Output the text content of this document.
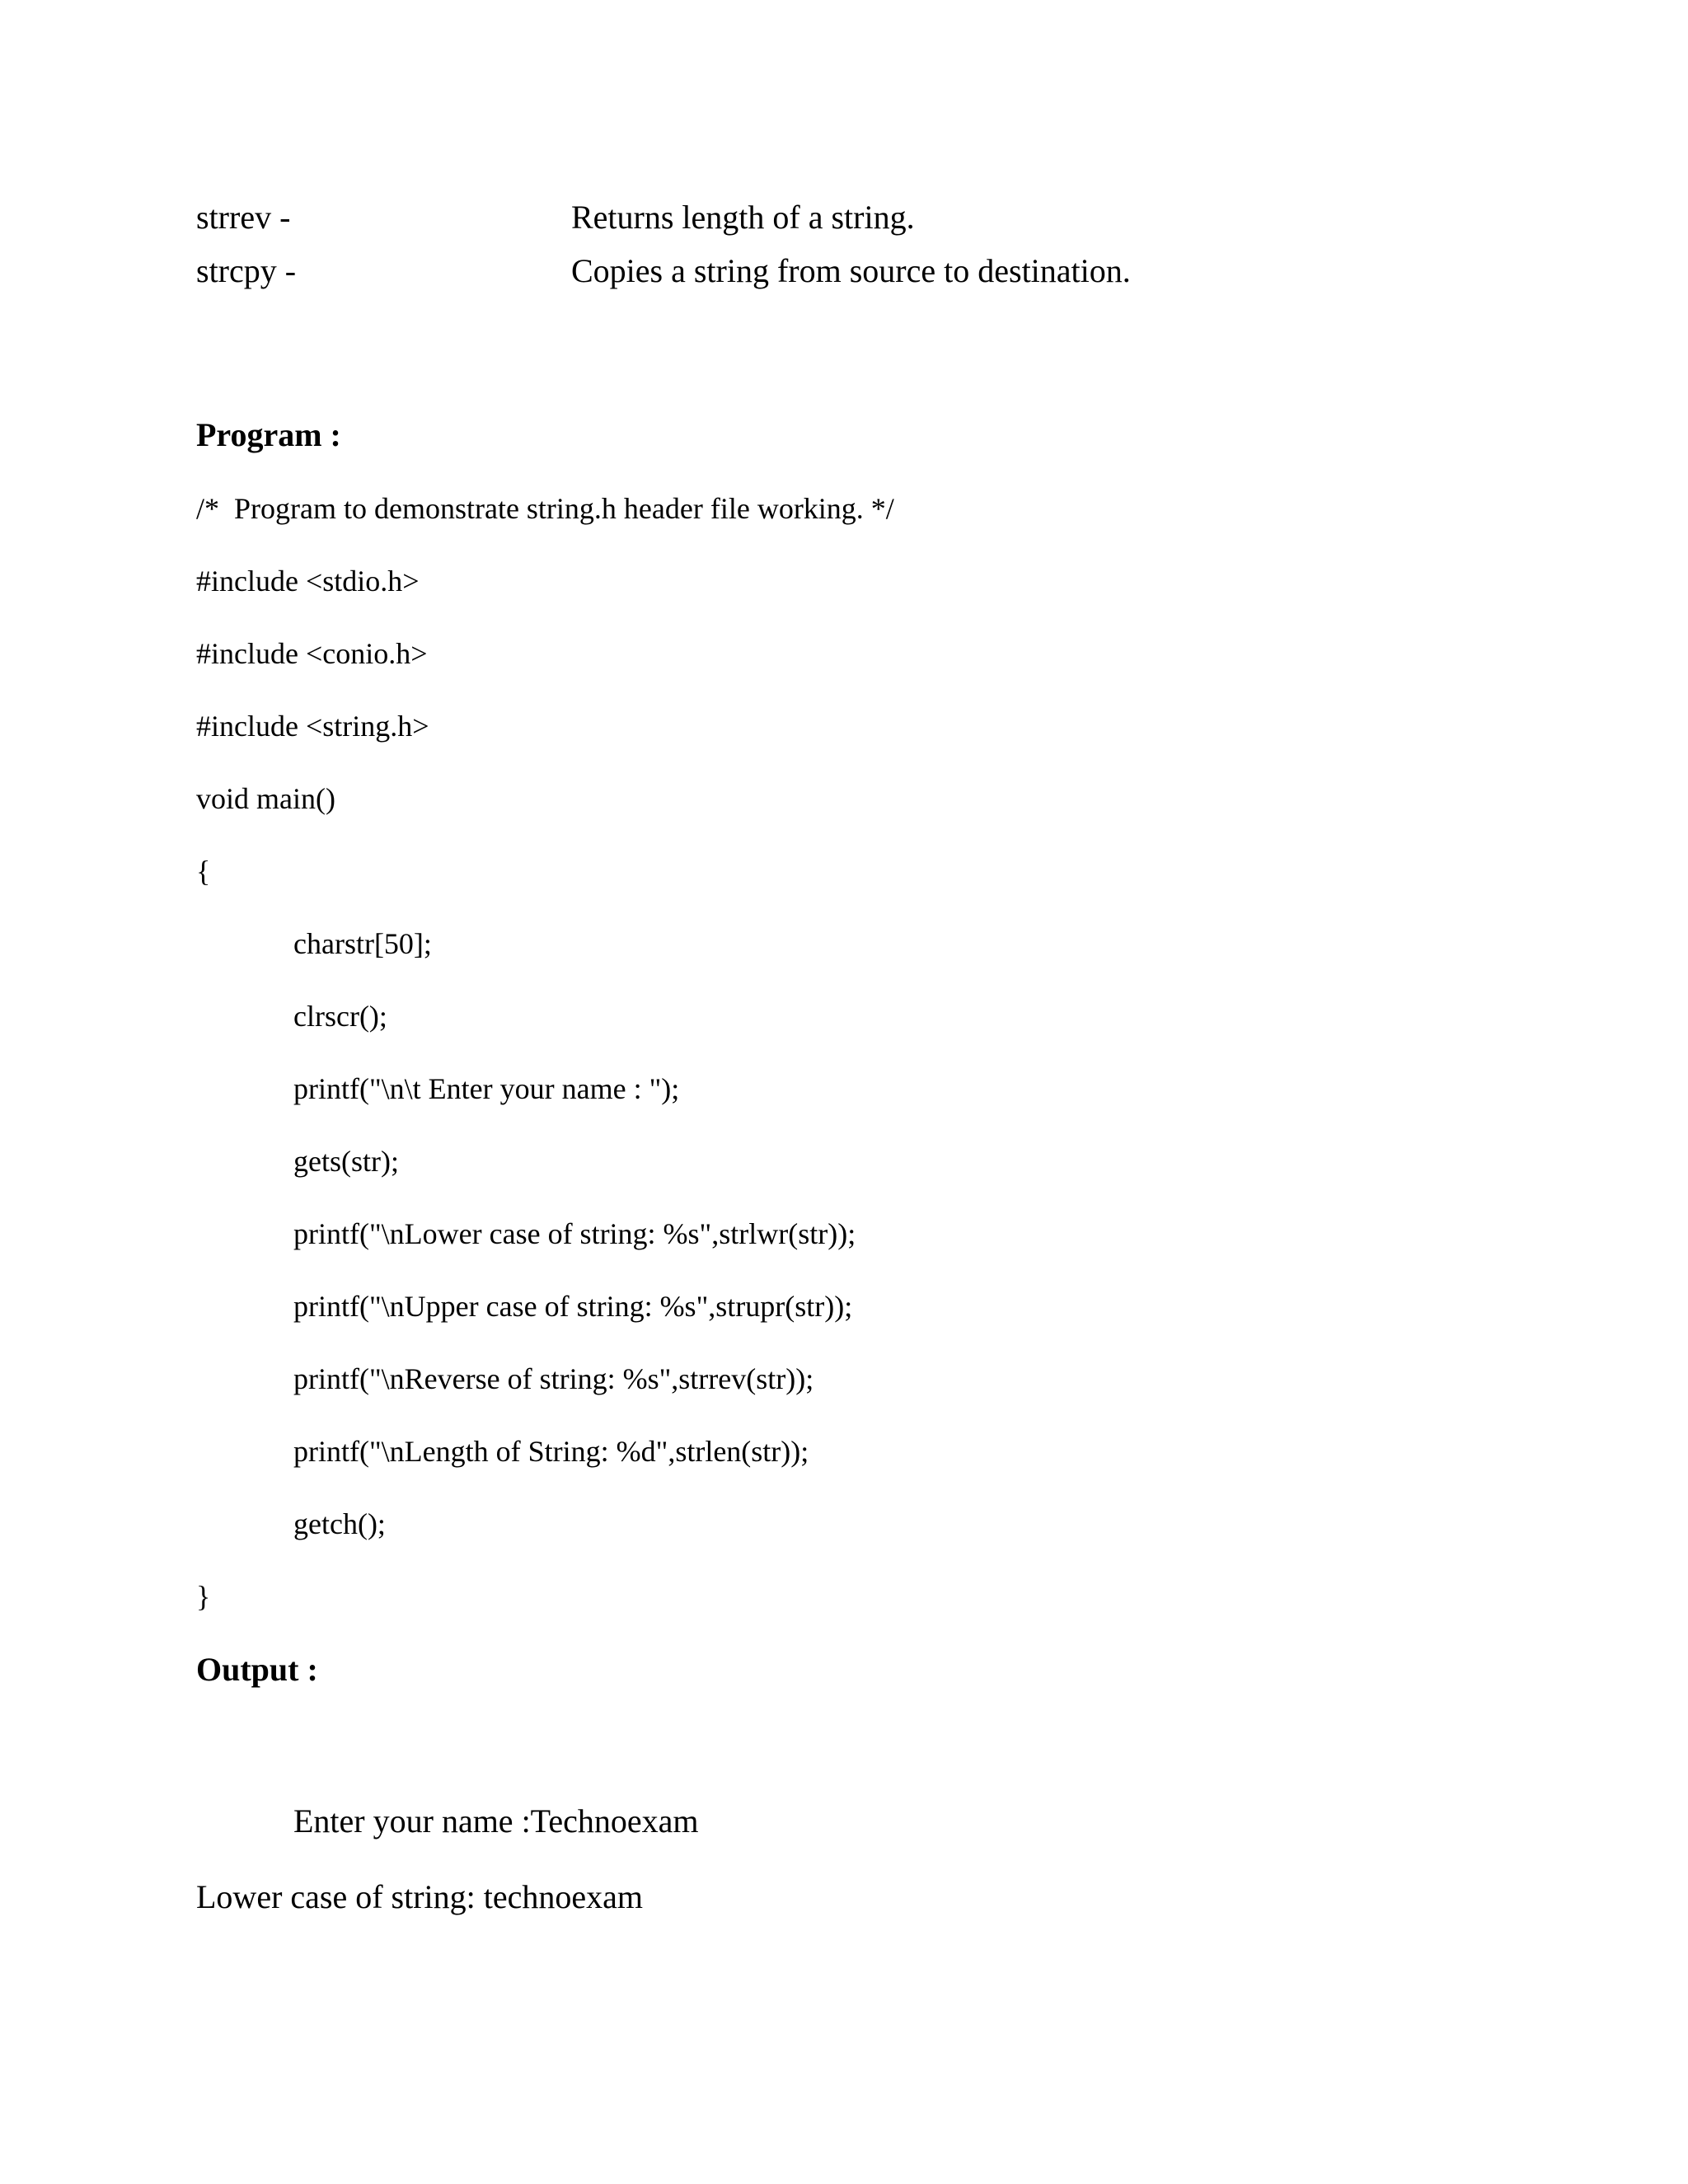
strrev -	Returns length of a string.
strcpy -	Copies a string from source to destination.
Program :
/*  Program to demonstrate string.h header file working. */
#include <stdio.h>
#include <conio.h>
#include <string.h>
void main()
{
charstr[50];
clrscr();
printf("\n\t Enter your name : ");
gets(str);
printf("\nLower case of string: %s",strlwr(str));
printf("\nUpper case of string: %s",strupr(str));
printf("\nReverse of string: %s",strrev(str));
printf("\nLength of String: %d",strlen(str));
getch();
}
Output :
Enter your name :Technoexam
Lower case of string: technoexam
